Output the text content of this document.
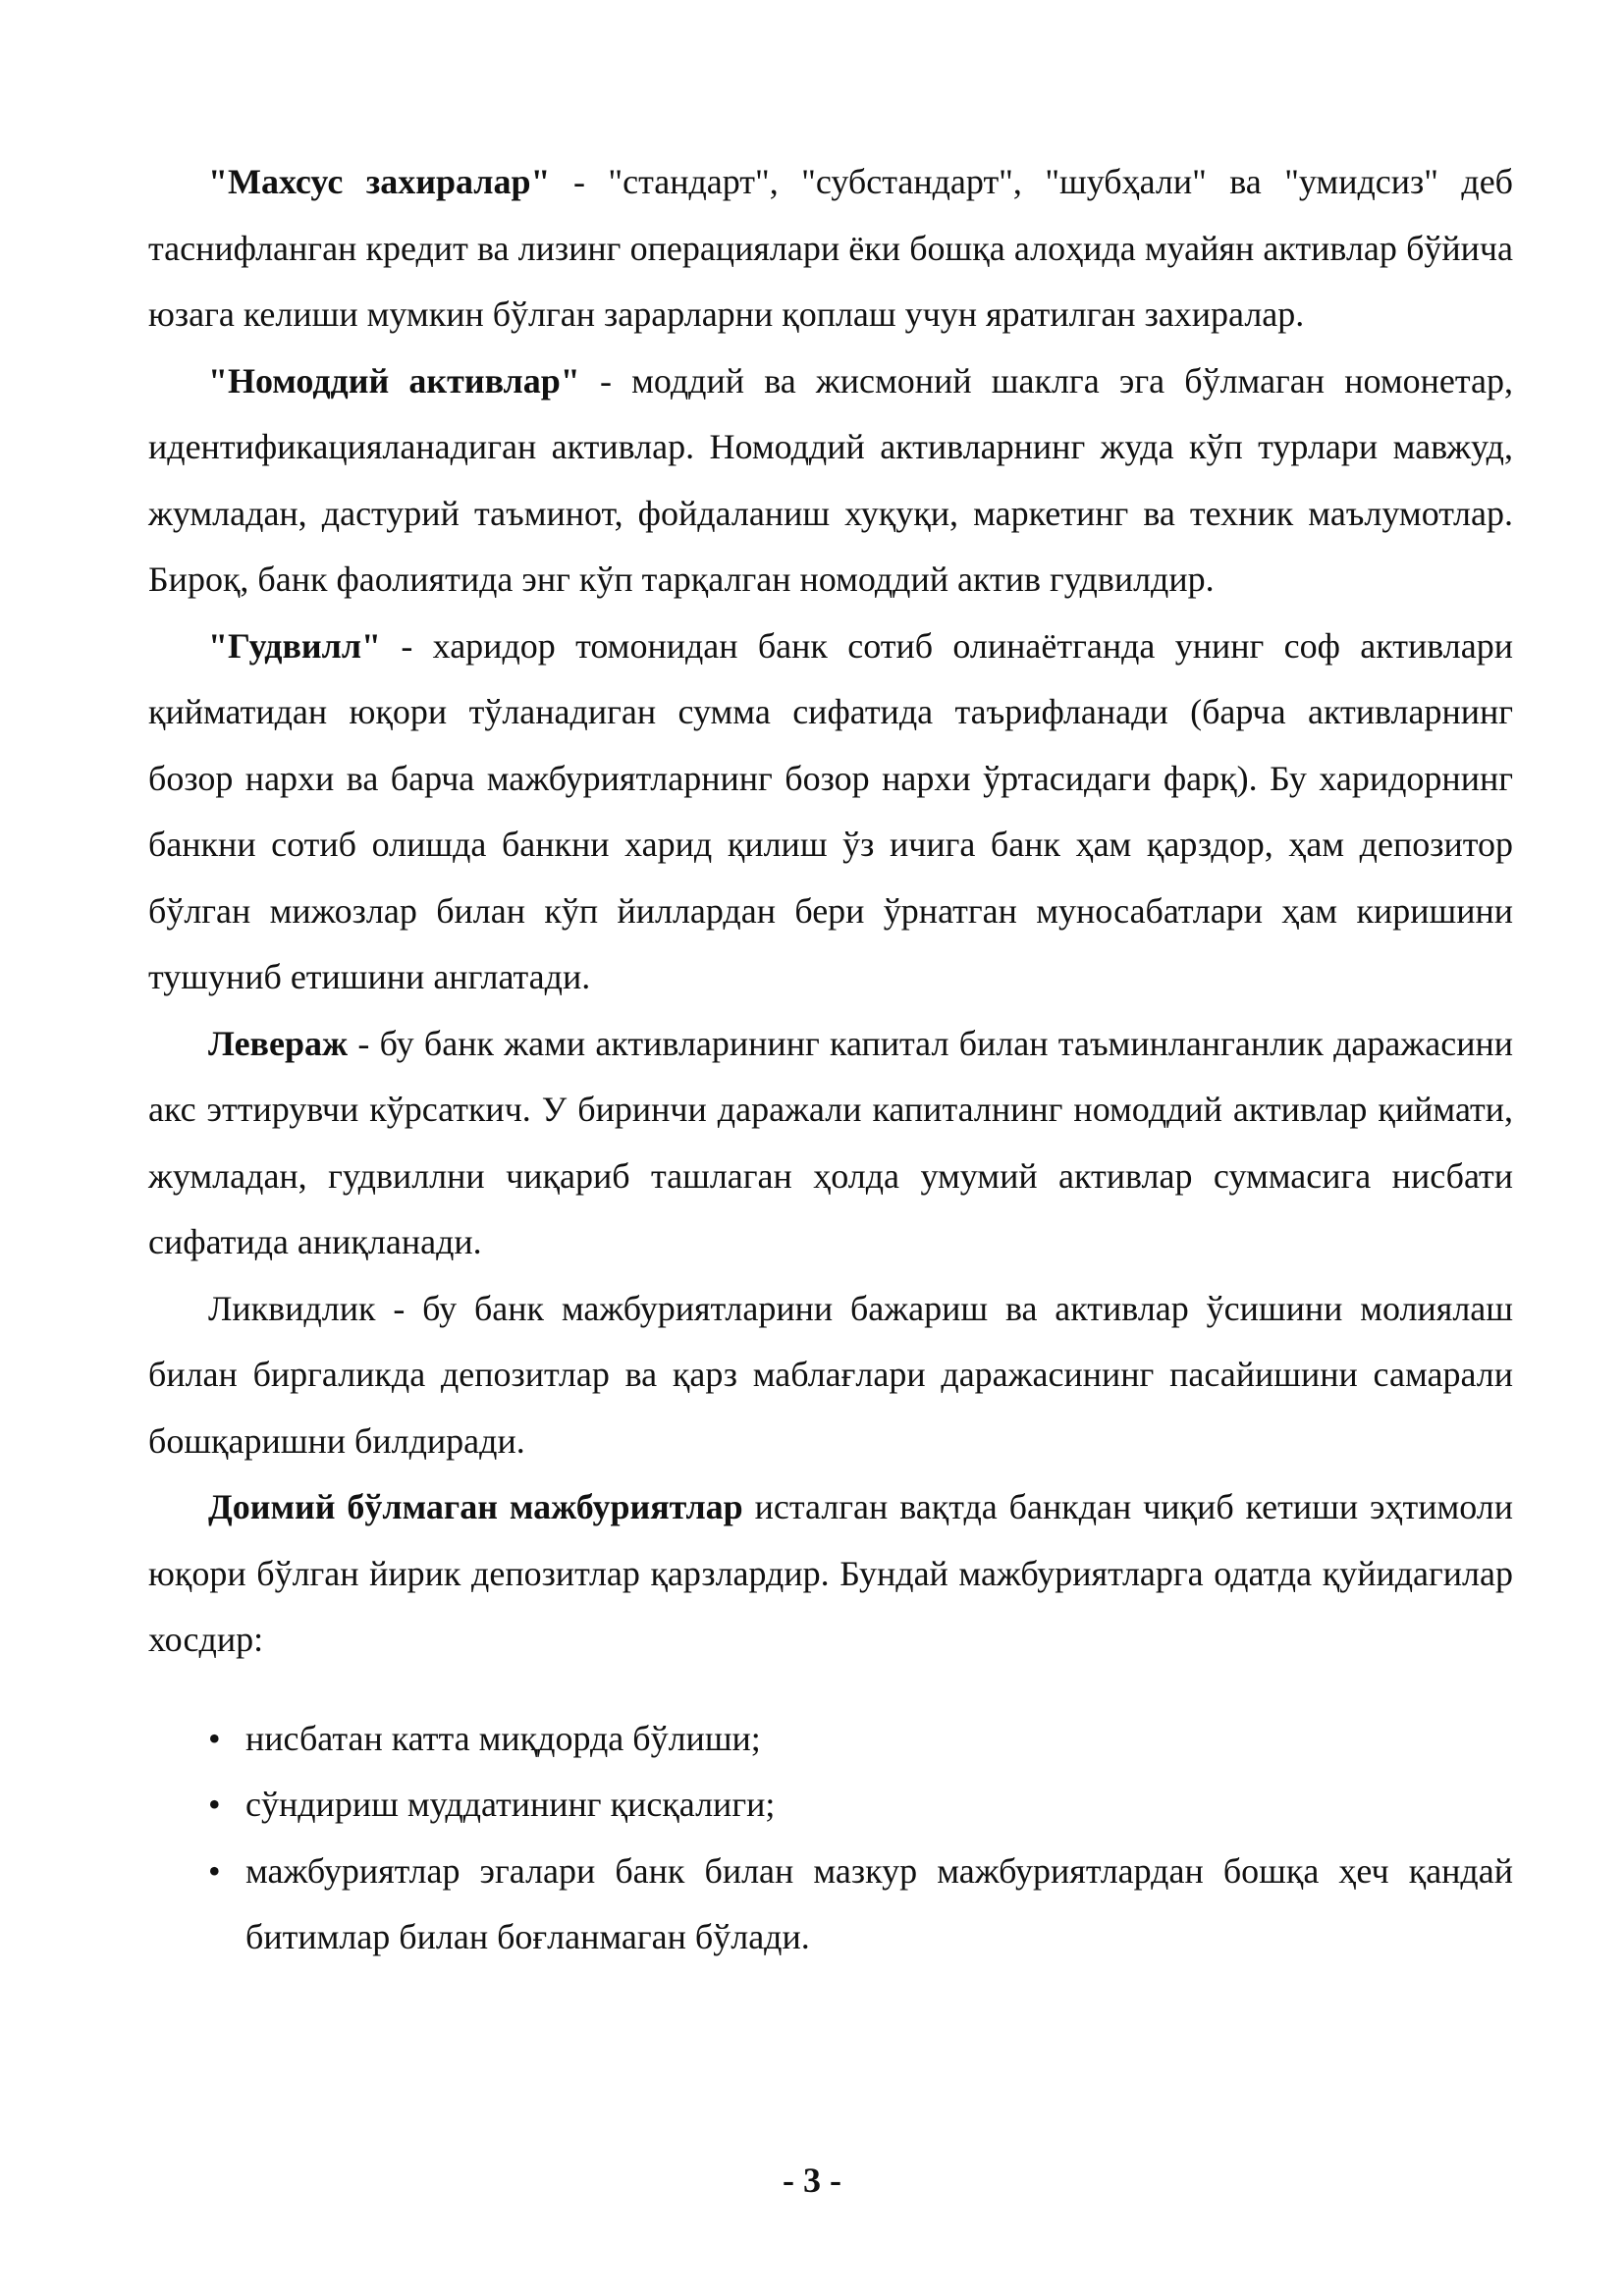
"Махсус захиралар" - "стандарт", "субстандарт", "шубҳали" ва "умидсиз" деб таснифланган кредит ва лизинг операциялари ёки бошқа алоҳида муайян активлар бўйича юзага келиши мумкин бўлган зарарларни қоплаш учун яратилган захиралар.

"Номоддий активлар" - моддий ва жисмоний шаклга эга бўлмаган номонетар, идентификацияланадиган активлар. Номоддий активларнинг жуда кўп турлари мавжуд, жумладан, дастурий таъминот, фойдаланиш хуқуқи, маркетинг ва техник маълумотлар. Бироқ, банк фаолиятида энг кўп тарқалган номоддий актив гудвилдир.

"Гудвилл" - харидор томонидан банк сотиб олинаётганда унинг соф активлари қийматидан юқори тўланадиган сумма сифатида таърифланади (барча активларнинг бозор нархи ва барча мажбуриятларнинг бозор нархи ўртасидаги фарқ). Бу харидорнинг банкни сотиб олишда банкни харид қилиш ўз ичига банк ҳам қарздор, ҳам депозитор бўлган мижозлар билан кўп йиллардан бери ўрнатган муносабатлари ҳам киришини тушуниб етишини англатади.

Левераж - бу банк жами активларининг капитал билан таъминланганлик даражасини акс эттирувчи кўрсаткич. У биринчи даражали капиталнинг номоддий активлар қиймати, жумладан, гудвиллни чиқариб ташлаган ҳолда умумий активлар суммасига нисбати сифатида аниқланади.

Ликвидлик - бу банк мажбуриятларини бажариш ва активлар ўсишини молиялаш билан биргаликда депозитлар ва қарз маблағлари даражасининг пасайишини самарали бошқаришни билдиради.

Доимий бўлмаган мажбуриятлар исталган вақтда банкдан чиқиб кетиши эҳтимоли юқори бўлган йирик депозитлар қарзлардир. Бундай мажбуриятларга одатда қуйидагилар хосдир:

• нисбатан катта миқдорда бўлиши;
• сўндириш муддатининг қисқалиги;
• мажбуриятлар эгалари банк билан мазкур мажбуриятлардан бошқа ҳеч қандай битимлар билан боғланмаган бўлади.
- 3 -
